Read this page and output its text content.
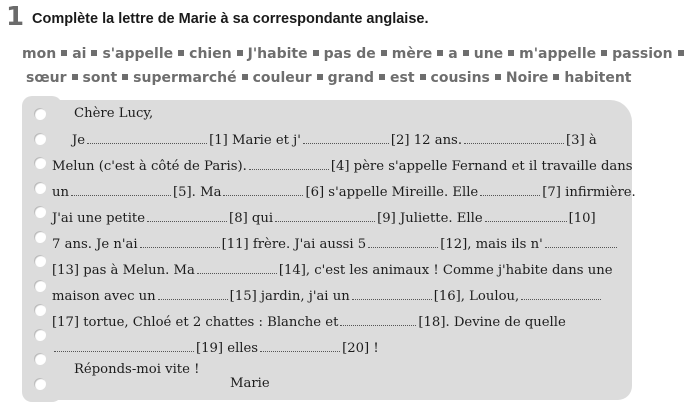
1 Complète la lettre de Marie à sa correspondante anglaise.
mon ai s'appelle chien J'habite pas de mère a une m'appelle passion
sœur sont supermarché couleur grand est cousins Noire habitent
Chère Lucy,
Je	[1] Marie et j'	[2] 12 ans.	[3] à
Melun (c'est à côté de Paris).	[4] père s'appelle Fernand et il travaille dans
un	[5]. Ma	[6] s'appelle Mireille. Elle	[7] infirmière.
J'ai une petite	[8] qui	[9] Juliette. Elle	[10]
7 ans. Je n'ai	[11] frère. J'ai aussi 5	[12], mais ils n'
[13] pas à Melun. Ma	[14], c'est les animaux ! Comme j'habite dans une
maison avec un	[15] jardin, j'ai un	[16], Loulou,
[17] tortue, Chloé et 2 chattes : Blanche et	[18]. Devine de quelle
[19] elles	[20] !
Réponds-moi vite !
Marie
